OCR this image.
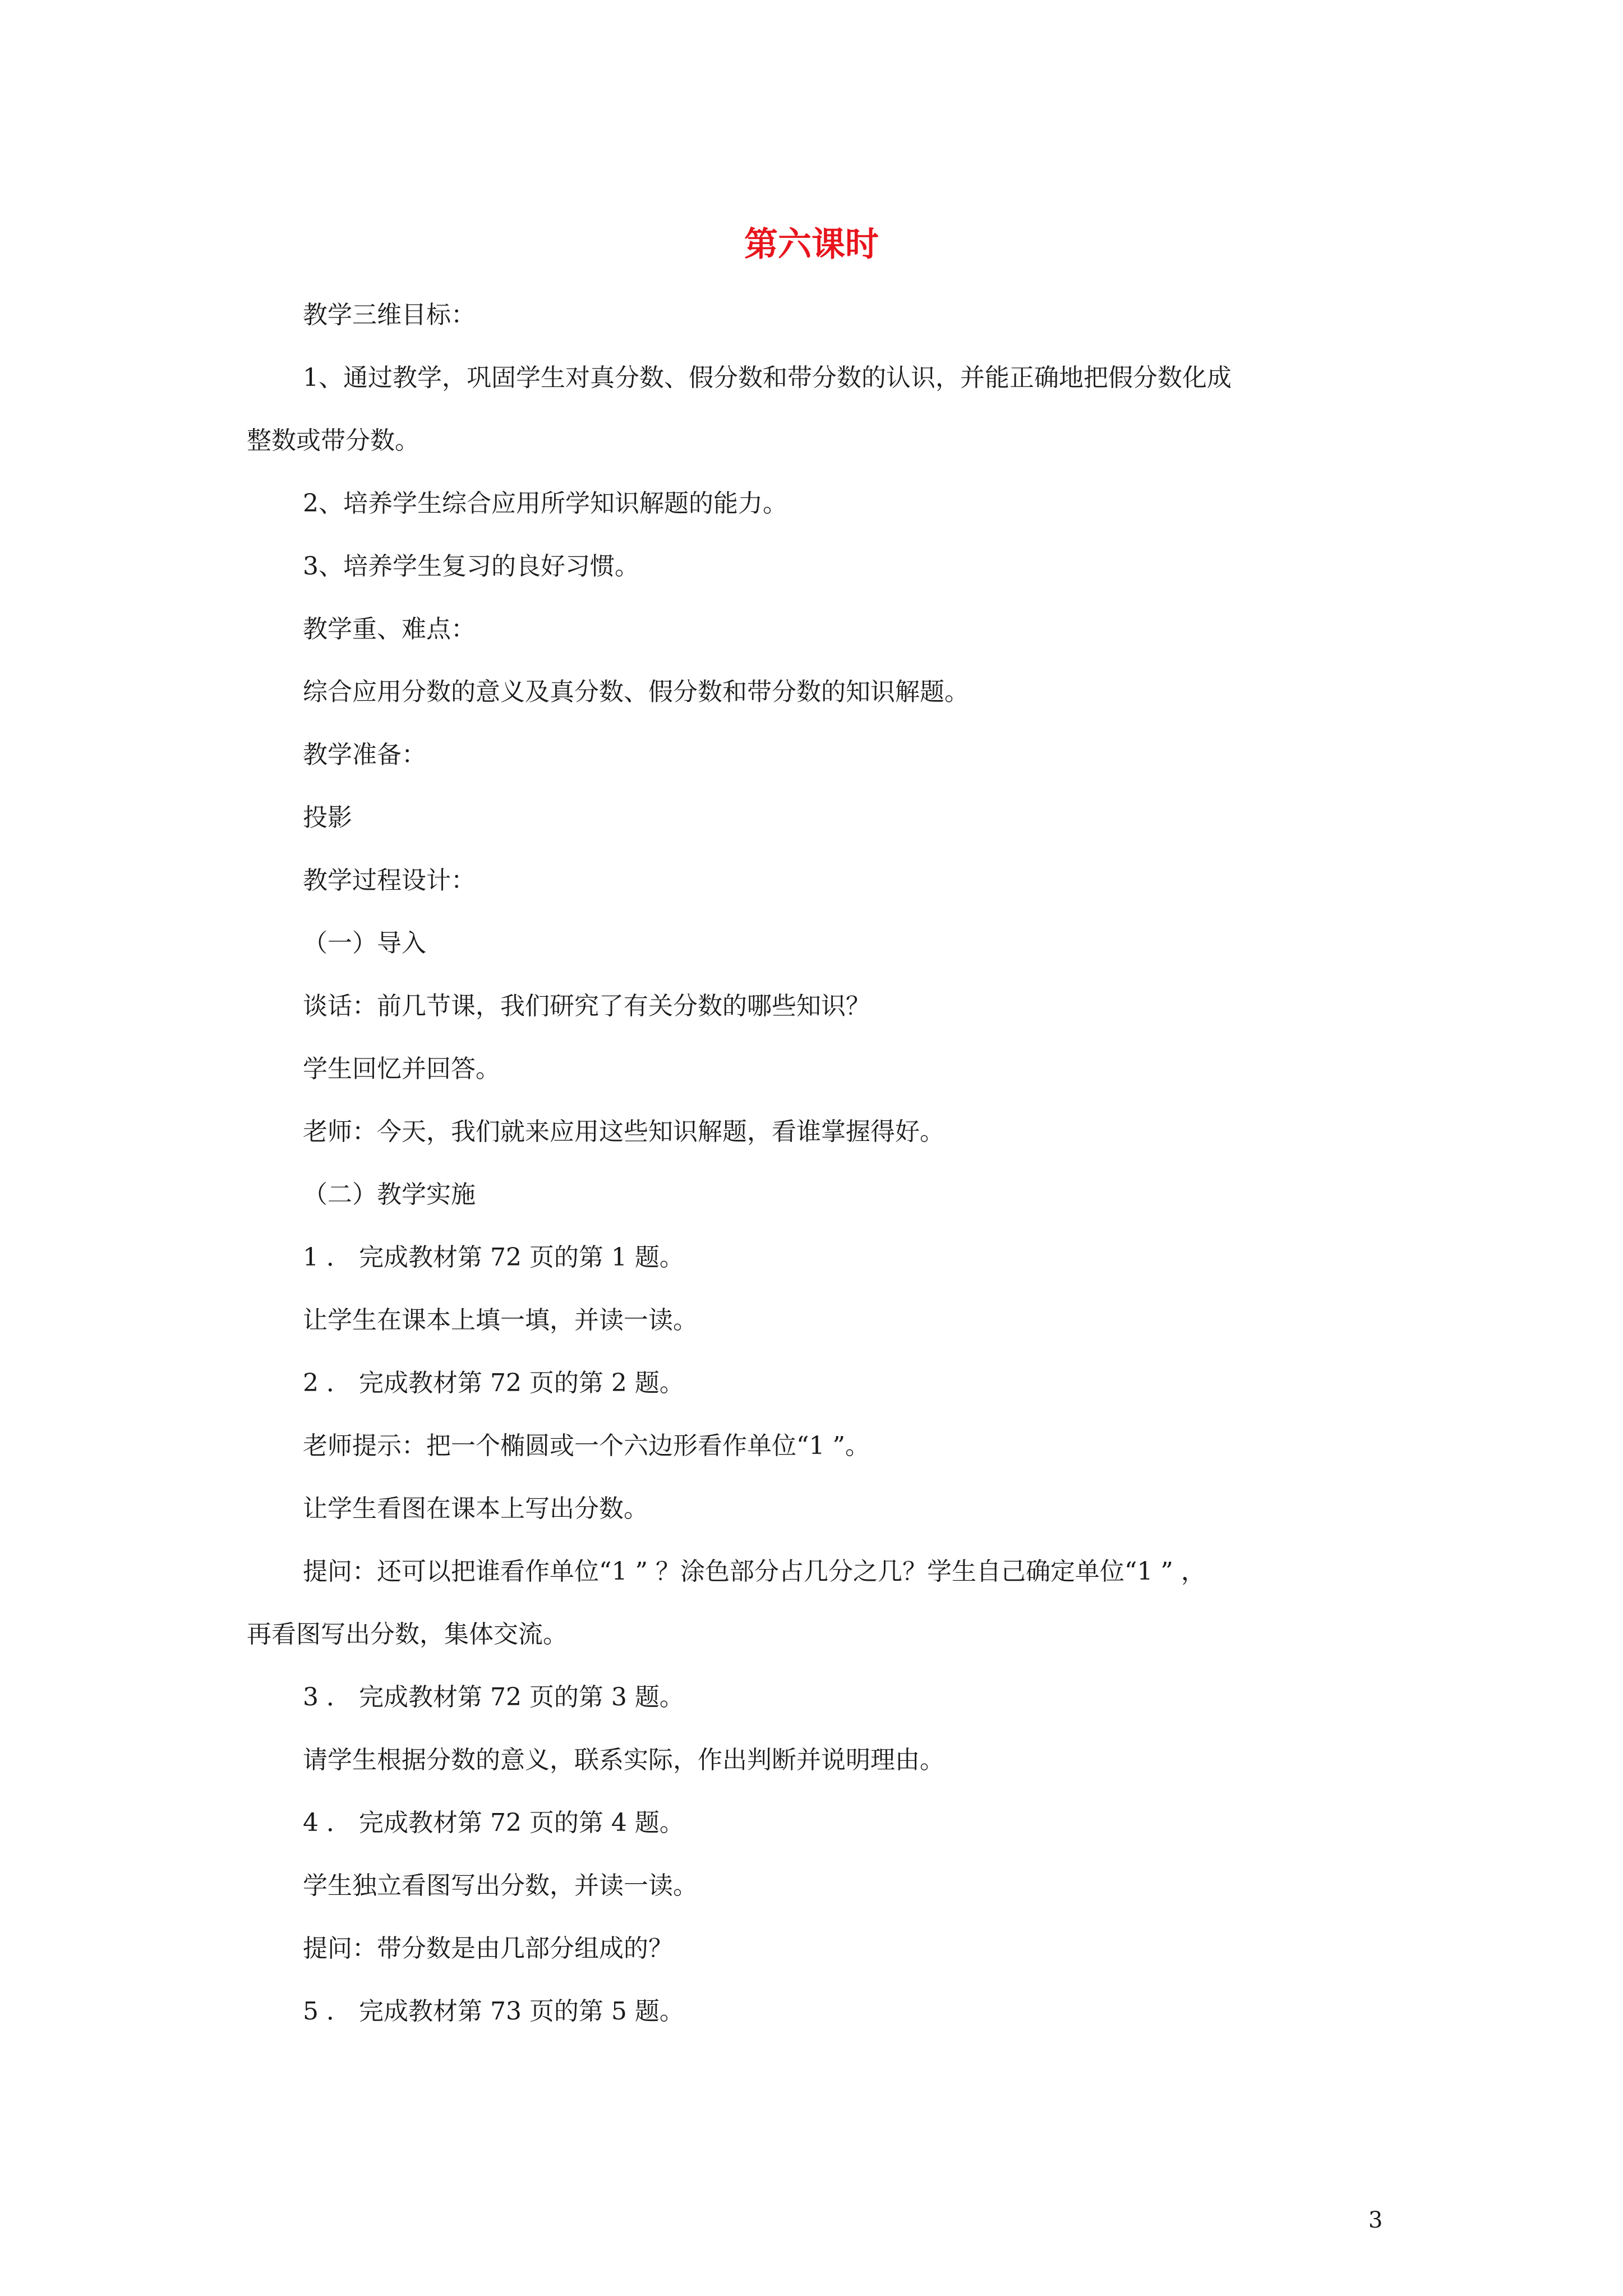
第六课时
教学三维目标：
1、通过教学，巩固学生对真分数、假分数和带分数的认识，并能正确地把假分数化成
整数或带分数。
2、培养学生综合应用所学知识解题的能力。
3、培养学生复习的良好习惯。
教学重、难点：
综合应用分数的意义及真分数、假分数和带分数的知识解题。
教学准备：
投影
教学过程设计：
（一）导入
谈话：前几节课，我们研究了有关分数的哪些知识？
学生回忆并回答。
老师：今天，我们就来应用这些知识解题，看谁掌握得好。
（二）教学实施
1 ． 完成教材第 72 页的第 1 题。
让学生在课本上填一填，并读一读。
2 ． 完成教材第 72 页的第 2 题。
老师提示：把一个椭圆或一个六边形看作单位“1 ”。
让学生看图在课本上写出分数。
提问：还可以把谁看作单位“1 ” ？涂色部分占几分之几？学生自己确定单位“1 ” ，
再看图写出分数，集体交流。
3 ． 完成教材第 72 页的第 3 题。
请学生根据分数的意义，联系实际，作出判断并说明理由。
4 ． 完成教材第 72 页的第 4 题。
学生独立看图写出分数，并读一读。
提问：带分数是由几部分组成的？
5 ． 完成教材第 73 页的第 5 题。
3
